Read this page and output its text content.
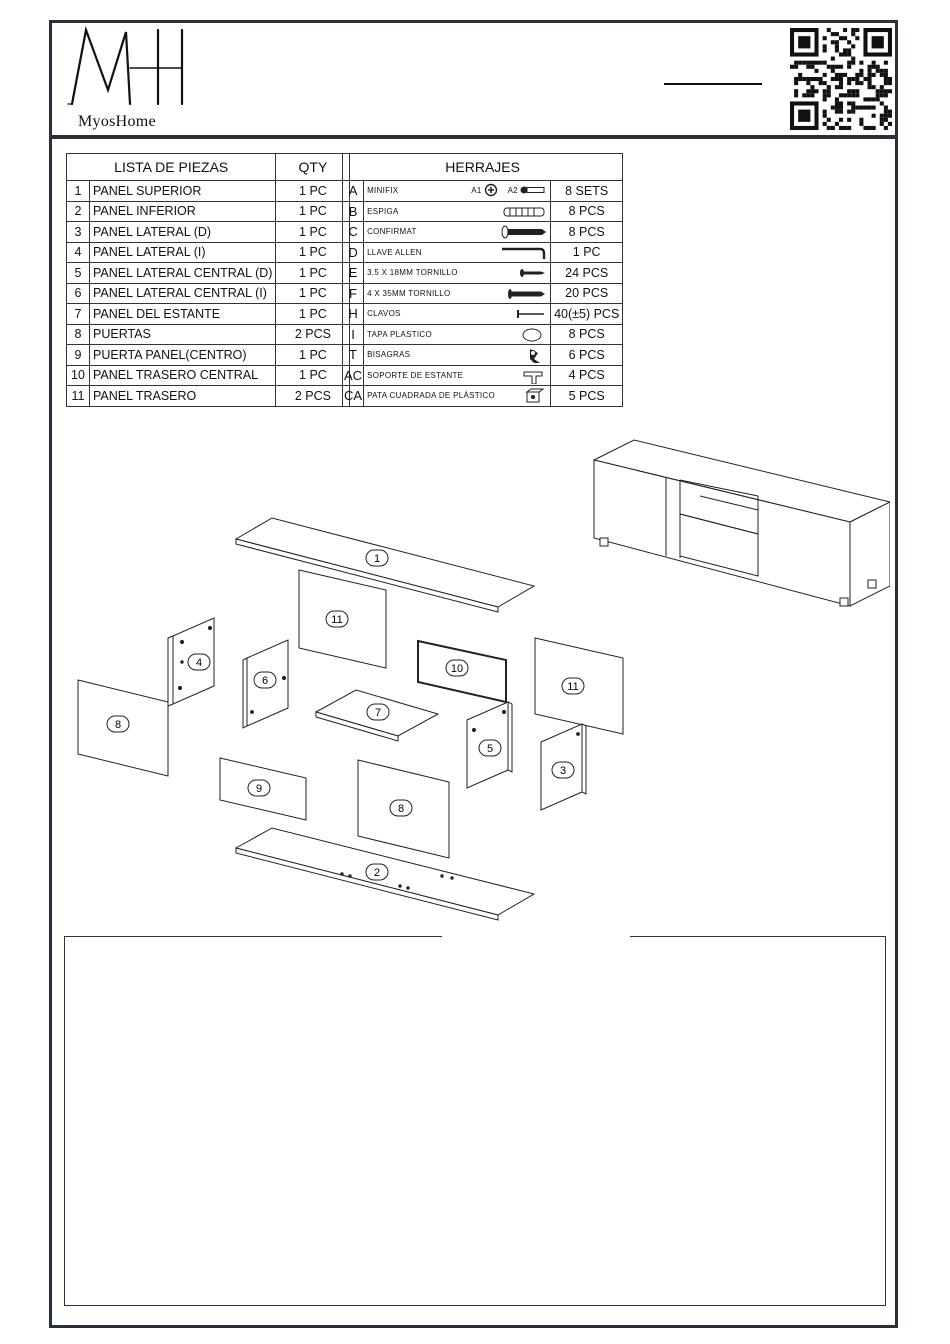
MyosHome
LISTA DE PIEZAS		QTY
1	PANEL SUPERIOR	1 PC
2	PANEL INFERIOR	1 PC
3	PANEL LATERAL (D)	1 PC
4	PANEL LATERAL (I)	1 PC
5	PANEL LATERAL CENTRAL (D)	1 PC
6	PANEL LATERAL CENTRAL (I)	1 PC
7	PANEL DEL ESTANTE	1 PC
8	PUERTAS	2 PCS
9	PUERTA PANEL(CENTRO)	1 PC
10	PANEL TRASERO CENTRAL	1 PC
11	PANEL TRASERO	2 PCS
HERRAJES		
A	MINIFIX A1 A2	8 SETS
B	ESPIGA	8 PCS
C	CONFIRMAT	8 PCS
D	LLAVE ALLEN	1 PC
E	3.5 X 18MM TORNILLO	24 PCS
F	4 X 35MM TORNILLO	20 PCS
H	CLAVOS	40(±5) PCS
I	TAPA PLASTICO	8 PCS
T	BISAGRAS	6 PCS
AC	SOPORTE DE ESTANTE	4 PCS
CA	PATA CUADRADA DE PLÁSTICO	5 PCS
1
11
4
6
10
11
8
7
5
3
9
8
2
